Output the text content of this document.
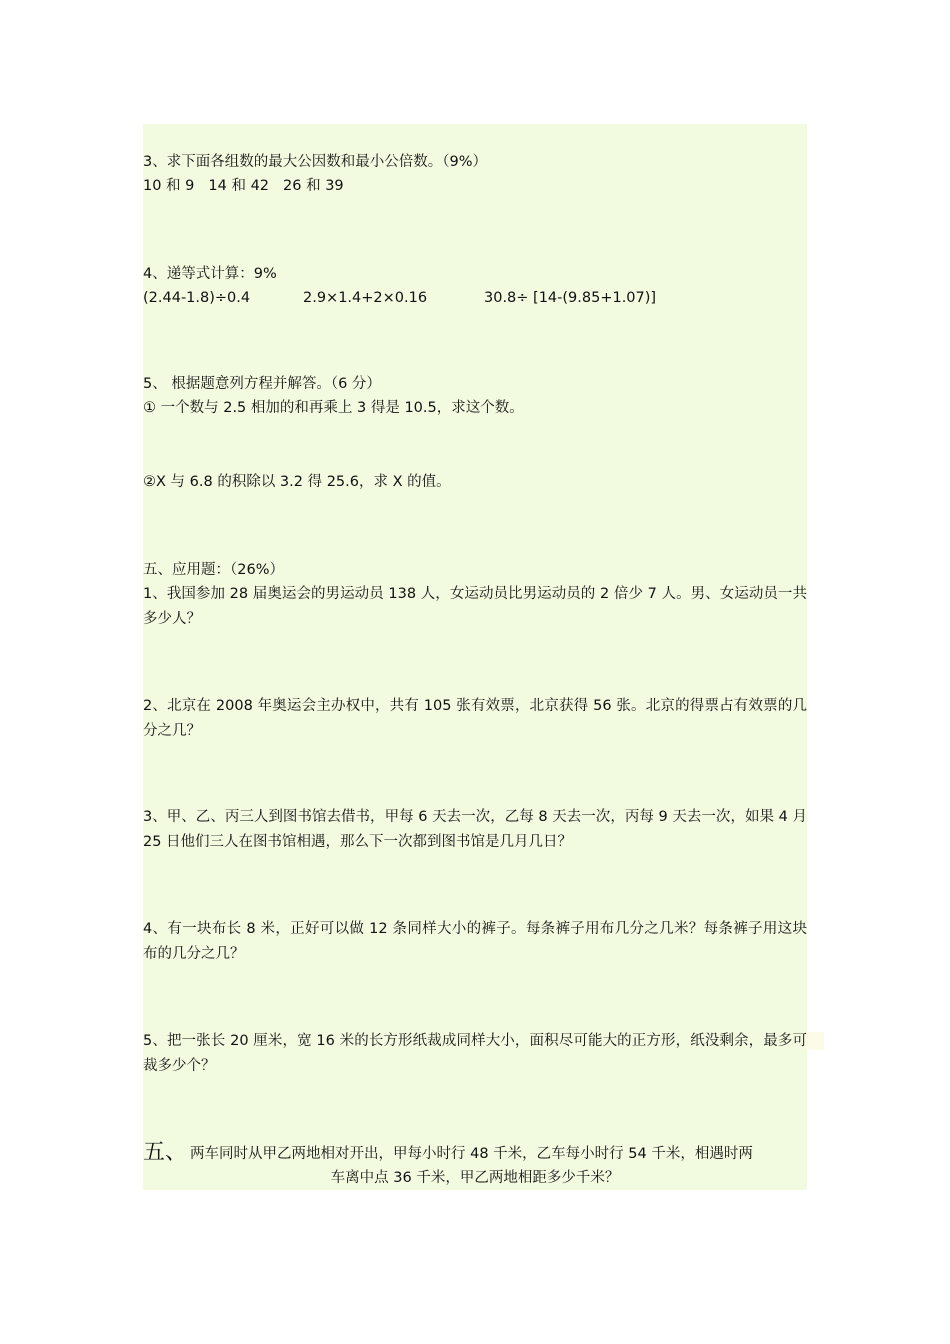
3、求下面各组数的最大公因数和最小公倍数。（9%）
10 和 9 14 和 42 26 和 39
4、递等式计算：9%
(2.44-1.8)÷0.4	2.9×1.4+2×0.16	30.8÷ [14-(9.85+1.07)]
5、 根据题意列方程并解答。（6 分）
① 一个数与 2.5 相加的和再乘上 3 得是 10.5，求这个数。
②X 与 6.8 的积除以 3.2 得 25.6，求 X 的值。
五、应用题：（26%）
1、我国参加 28 届奥运会的男运动员 138 人，女运动员比男运动员的 2 倍少 7 人。男、女运动员一共多少人？
2、北京在 2008 年奥运会主办权中，共有 105 张有效票，北京获得 56 张。北京的得票占有效票的几分之几？
3、甲、乙、丙三人到图书馆去借书，甲每 6 天去一次，乙每 8 天去一次，丙每 9 天去一次，如果 4 月 25 日他们三人在图书馆相遇，那么下一次都到图书馆是几月几日？
4、有一块布长 8 米，正好可以做 12 条同样大小的裤子。每条裤子用布几分之几米？每条裤子用这块布的几分之几？
5、把一张长 20 厘米，宽 16 米的长方形纸裁成同样大小，面积尽可能大的正方形，纸没剩余，最多可裁多少个？
五、 两车同时从甲乙两地相对开出，甲每小时行 48 千米，乙车每小时行 54 千米，相遇时两
车离中点 36 千米，甲乙两地相距多少千米？
